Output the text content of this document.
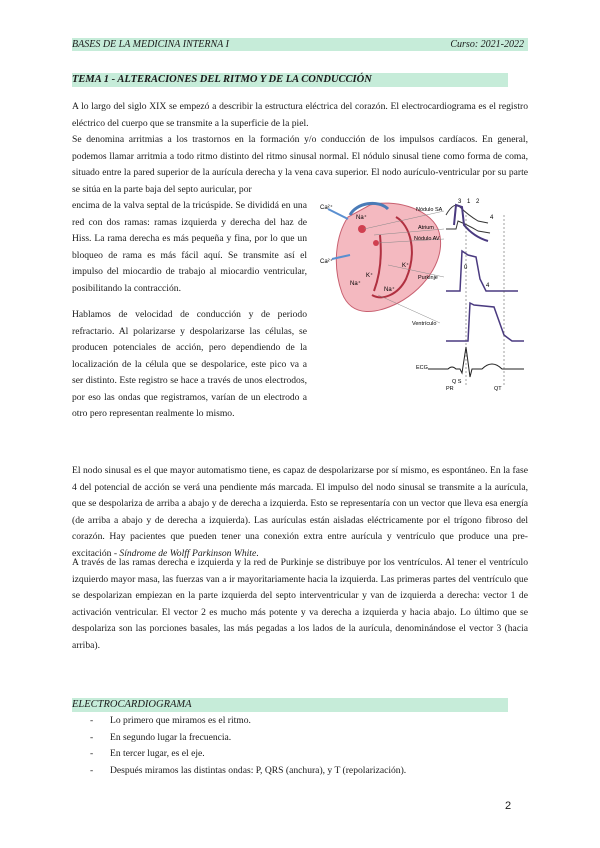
BASES DE LA MEDICINA INTERNA I	Curso: 2021-2022
TEMA 1 - ALTERACIONES DEL RITMO Y DE LA CONDUCCIÓN

A lo largo del siglo XIX se empezó a describir la estructura eléctrica del corazón. El electrocardiograma es el registro eléctrico del cuerpo que se transmite a la superficie de la piel.

Se denomina arritmias a los trastornos en la formación y/o conducción de los impulsos cardíacos. En general, podemos llamar arritmia a todo ritmo distinto del ritmo sinusal normal. El nódulo sinusal tiene como forma de coma, situado entre la pared superior de la aurícula derecha y la vena cava superior. El nodo aurículo-ventricular por su parte se sitúa en la parte baja del septo auricular, por

encima de la valva septal de la tricúspide. Se divididá en una red con dos ramas: ramas izquierda y derecha del haz de Hiss. La rama derecha es más pequeña y fina, por lo que un bloqueo de rama es más fácil aquí. Se transmite así el impulso del miocardio de trabajo al miocardio ventricular, posibilitando la contracción.

Hablamos de velocidad de conducción y de periodo refractario. Al polarizarse y despolarizarse las células, se producen potenciales de acción, pero dependiendo de la localización de la célula que se despolarice, este pico va a ser distinto. Este registro se hace a través de unos electrodos, por eso las ondas que registramos, varían de un electrodo a otro pero representan realmente lo mismo.

Ca²⁺
Ca²⁺
Na⁺
Na⁺
Na⁺
K⁺
K⁺
Nódulo SA
Atrium
Nódulo AV
Purkinje
Ventrículo
ECG
1 2
3
4
0
4
Q S
PR	QT

El nodo sinusal es el que mayor automatismo tiene, es capaz de despolarizarse por sí mismo, es espontáneo. En la fase 4 del potencial de acción se verá una pendiente más marcada. El impulso del nodo sinusal se transmite a la aurícula, que se despolariza de arriba a abajo y de derecha a izquierda. Esto se representaría con un vector que lleva esa energía (de arriba a abajo y de derecha a izquierda). Las aurículas están aisladas eléctricamente por el trígono fibroso del corazón. Hay pacientes que pueden tener una conexión extra entre aurícula y ventrículo que produce una pre-excitación - Síndrome de Wolff Parkinson White.

A través de las ramas derecha e izquierda y la red de Purkinje se distribuye por los ventrículos. Al tener el ventrículo izquierdo mayor masa, las fuerzas van a ir mayoritariamente hacia la izquierda. Las primeras partes del ventrículo que se despolarizan empiezan en la parte izquierda del septo interventricular y van de izquierda a derecha: vector 1 de activación ventricular. El vector 2 es mucho más potente y va derecha a izquierda y hacia abajo. Lo último que se despolariza son las porciones basales, las más pegadas a los lados de la aurícula, denominándose el vector 3 (hacia arriba).

ELECTROCARDIOGRAMA
- Lo primero que miramos es el ritmo.
- En segundo lugar la frecuencia.
- En tercer lugar, es el eje.
- Después miramos las distintas ondas: P, QRS (anchura), y T (repolarización).
2
